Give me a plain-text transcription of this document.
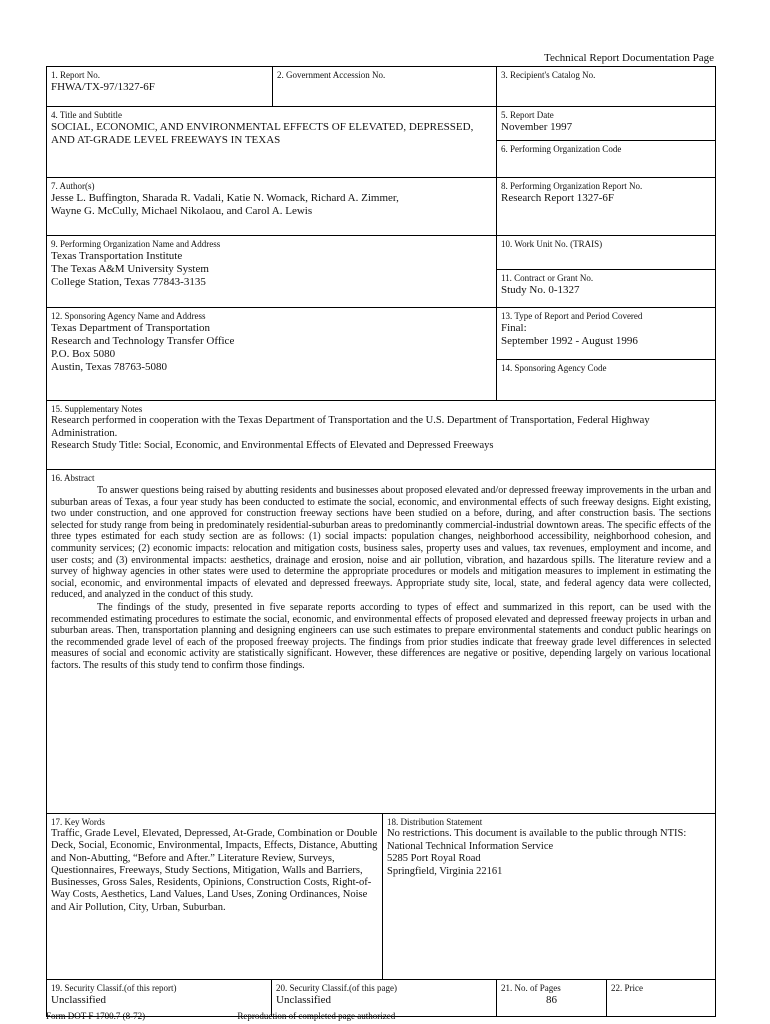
Technical Report Documentation Page
1. Report No.
FHWA/TX-97/1327-6F
2. Government Accession No.	3. Recipient's Catalog No.
4. Title and Subtitle
SOCIAL, ECONOMIC, AND ENVIRONMENTAL EFFECTS OF ELEVATED, DEPRESSED, AND AT-GRADE LEVEL FREEWAYS IN TEXAS
5. Report Date
November 1997
6. Performing Organization Code
7. Author(s)
Jesse L. Buffington, Sharada R. Vadali, Katie N. Womack, Richard A. Zimmer,
Wayne G. McCully, Michael Nikolaou, and Carol A. Lewis
8. Performing Organization Report No.
Research Report 1327-6F
9. Performing Organization Name and Address
Texas Transportation Institute
The Texas A&M University System
College Station, Texas 77843-3135
10. Work Unit No. (TRAIS)
11. Contract or Grant No.
Study No. 0-1327
12. Sponsoring Agency Name and Address
Texas Department of Transportation
Research and Technology Transfer Office
P.O. Box 5080
Austin, Texas 78763-5080
13. Type of Report and Period Covered
Final:
September 1992 - August 1996
14. Sponsoring Agency Code
15. Supplementary Notes
Research performed in cooperation with the Texas Department of Transportation and the U.S. Department of Transportation, Federal Highway Administration.
Research Study Title: Social, Economic, and Environmental Effects of Elevated and Depressed Freeways
16. Abstract

To answer questions being raised by abutting residents and businesses about proposed elevated and/or depressed freeway improvements in the urban and suburban areas of Texas, a four year study has been conducted to estimate the social, economic, and environmental effects of such freeway designs. Eight existing, two under construction, and one approved for construction freeway sections have been studied on a before, during, and after construction basis. The sections selected for study range from being in predominately residential-suburban areas to predominantly commercial-industrial downtown areas. The specific effects of the three types estimated for each study section are as follows: (1) social impacts: population changes, neighborhood accessibility, neighborhood cohesion, and community services; (2) economic impacts: relocation and mitigation costs, business sales, property uses and values, tax revenues, employment and income, and user costs; and (3) environmental impacts: aesthetics, drainage and erosion, noise and air pollution, vibration, and hazardous spills. The literature review and a survey of highway agencies in other states were used to determine the appropriate procedures or models and mitigation measures to implement in estimating the social, economic, and environmental impacts of elevated and depressed freeways. Appropriate study site, local, state, and federal agency data were collected, reduced, and analyzed in the conduct of this study.

The findings of the study, presented in five separate reports according to types of effect and summarized in this report, can be used with the recommended estimating procedures to estimate the social, economic, and environmental effects of proposed elevated and depressed freeway projects in urban and suburban areas. Then, transportation planning and designing engineers can use such estimates to prepare environmental statements and conduct public hearings on the recommended grade level of each of the proposed freeway projects. The findings from prior studies indicate that freeway grade level differences in selected measures of social and economic activity are statistically significant. However, these differences are negative or positive, depending largely on various locational factors. The results of this study tend to confirm those findings.

17. Key Words
Traffic, Grade Level, Elevated, Depressed, At-Grade, Combination or Double Deck, Social, Economic, Environmental, Impacts, Effects, Distance, Abutting and Non-Abutting, “Before and After.” Literature Review, Surveys, Questionnaires, Freeways, Study Sections, Mitigation, Walls and Barriers, Businesses, Gross Sales, Residents, Opinions, Construction Costs, Right-of-Way Costs, Aesthetics, Land Values, Land Uses, Zoning Ordinances, Noise and Air Pollution, City, Urban, Suburban.
18. Distribution Statement
No restrictions. This document is available to the public through NTIS:
National Technical Information Service
5285 Port Royal Road
Springfield, Virginia 22161
19. Security Classif.(of this report)
Unclassified
20. Security Classif.(of this page)
Unclassified
21. No. of Pages
86
22. Price
Form DOT F 1700.7 (8-72)	Reproduction of completed page authorized
